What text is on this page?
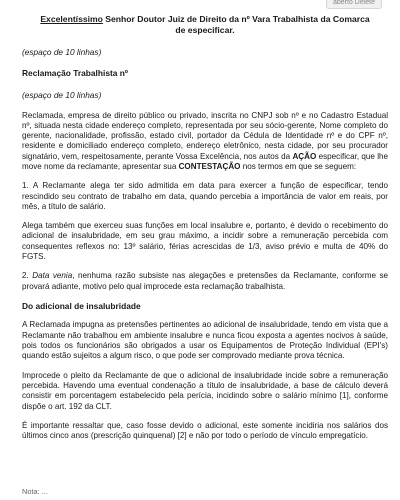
aberto Delete

Excelentíssimo Senhor Doutor Juiz de Direito da nº Vara Trabalhista da Comarca
de especificar.

(espaço de 10 linhas)

Reclamação Trabalhista nº

(espaço de 10 linhas)

Reclamada, empresa de direito público ou privado, inscrita no CNPJ sob nº e no Cadastro Estadual nº, situada nesta cidade endereço completo, representada por seu sócio-gerente, Nome completo do gerente, nacionalidade, profissão, estado civil, portador da Cédula de Identidade nº e do CPF nº, residente e domiciliado endereço completo, endereço eletrônico, nesta cidade, por seu procurador signatário, vem, respeitosamente, perante Vossa Excelência, nos autos da AÇÃO especificar, que lhe move nome da reclamante, apresentar sua CONTESTAÇÃO nos termos em que se seguem:

1. A Reclamante alega ter sido admitida em data para exercer a função de especificar, tendo rescindido seu contrato de trabalho em data, quando percebia a importância de valor em reais, por mês, a título de salário.

Alega também que exerceu suas funções em local insalubre e, portanto, é devido o recebimento do adicional de insalubridade, em seu grau máximo, a incidir sobre a remuneração percebida com consequentes reflexos no: 13º salário, férias acrescidas de 1/3, aviso prévio e multa de 40% do FGTS.

2. Data venia, nenhuma razão subsiste nas alegações e pretensões da Reclamante, conforme se provará adiante, motivo pelo qual improcede esta reclamação trabalhista.

Do adicional de insalubridade

A Reclamada impugna as pretensões pertinentes ao adicional de insalubridade, tendo em vista que a Reclamante não trabalhou em ambiente insalubre e nunca ficou exposta a agentes nocivos à saúde, pois todos os funcionários são obrigados a usar os Equipamentos de Proteção Individual (EPI's) quando estão sujeitos a algum risco, o que pode ser comprovado mediante prova técnica.

Improcede o pleito da Reclamante de que o adicional de insalubridade incide sobre a remuneração percebida. Havendo uma eventual condenação a título de insalubridade, a base de cálculo deverá consistir em porcentagem estabelecido pela perícia, incidindo sobre o salário mínimo [1], conforme dispõe o art. 192 da CLT.

É importante ressaltar que, caso fosse devido o adicional, este somente incidiria nos salários dos últimos cinco anos (prescrição quinquenal) [2] e não por todo o período de vínculo empregatício.

Nota: ...
